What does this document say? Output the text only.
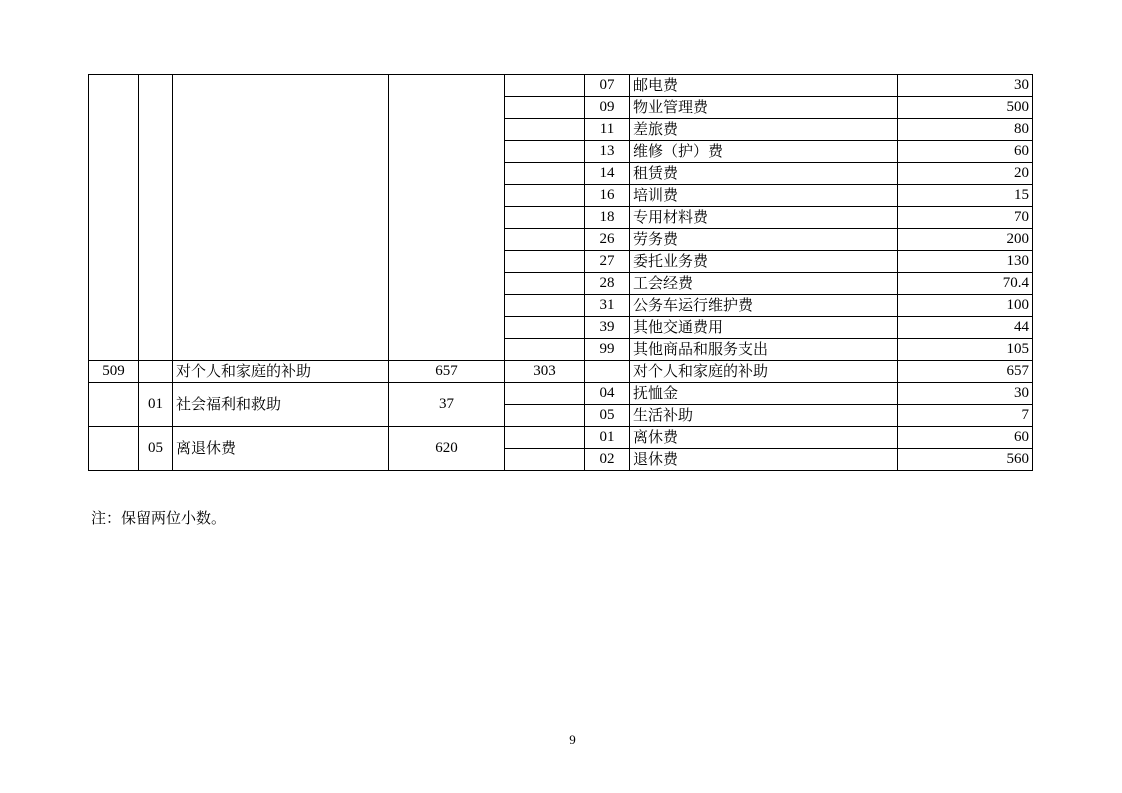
					07	邮电费	30
					09	物业管理费	500
					11	差旅费	80
					13	维修（护）费	60
					14	租赁费	20
					16	培训费	15
					18	专用材料费	70
					26	劳务费	200
					27	委托业务费	130
					28	工会经费	70.4
					31	公务车运行维护费	100
					39	其他交通费用	44
					99	其他商品和服务支出	105
509		对个人和家庭的补助	657	303		对个人和家庭的补助	657
	01	社会福利和救助	37		04	抚恤金	30
					05	生活补助	7
	05	离退休费	620		01	离休费	60
					02	退休费	560
注：保留两位小数。
9
